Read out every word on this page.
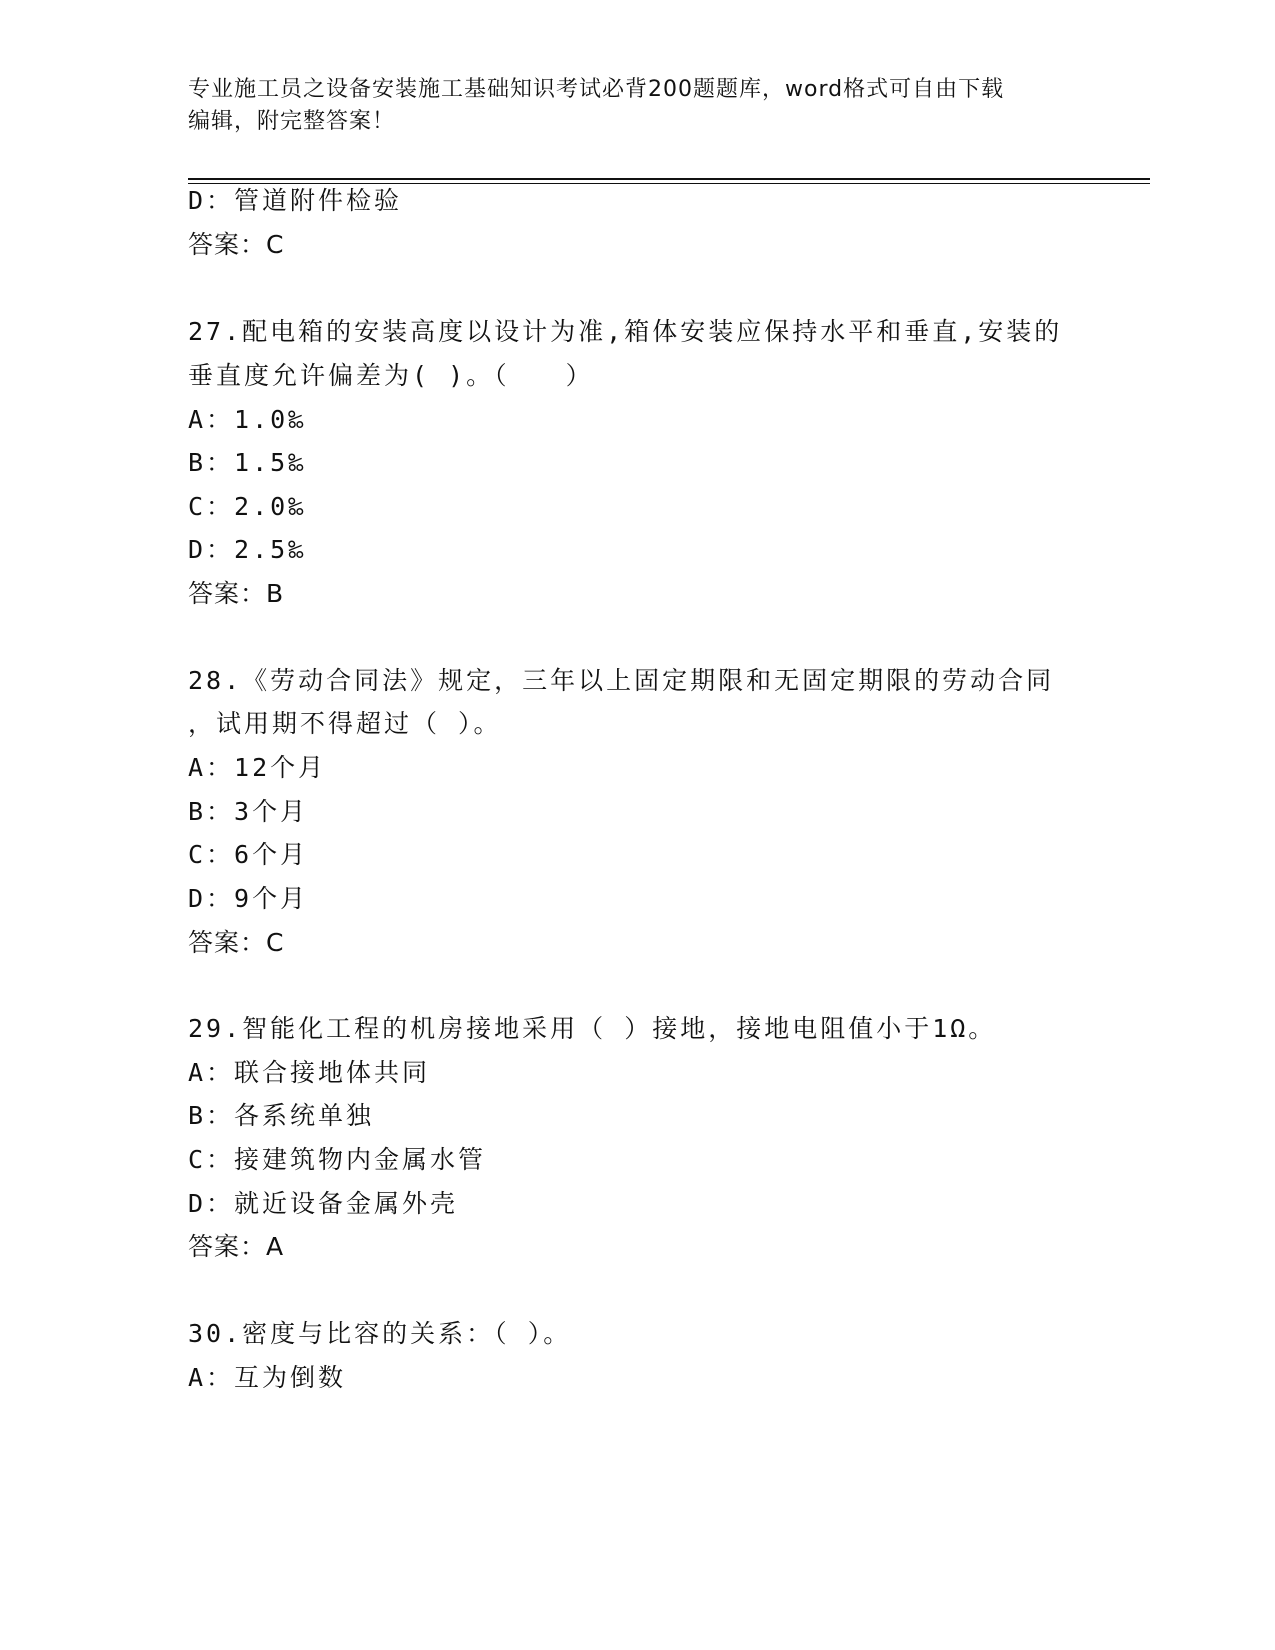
专业施工员之设备安装施工基础知识考试必背200题题库，word格式可自由下载
编辑，附完整答案！
D：管道附件检验
答案：C
27.配电箱的安装高度以设计为准,箱体安装应保持水平和垂直,安装的
垂直度允许偏差为( )。（　　）
A：1.0‰
B：1.5‰
C：2.0‰
D：2.5‰
答案：B
28.《劳动合同法》规定，三年以上固定期限和无固定期限的劳动合同
，试用期不得超过（ ）。
A：12个月
B：3个月
C：6个月
D：9个月
答案：C
29.智能化工程的机房接地采用（ ）接地，接地电阻值小于1Ω。
A：联合接地体共同
B：各系统单独
C：接建筑物内金属水管
D：就近设备金属外壳
答案：A
30.密度与比容的关系：（ ）。
A：互为倒数
